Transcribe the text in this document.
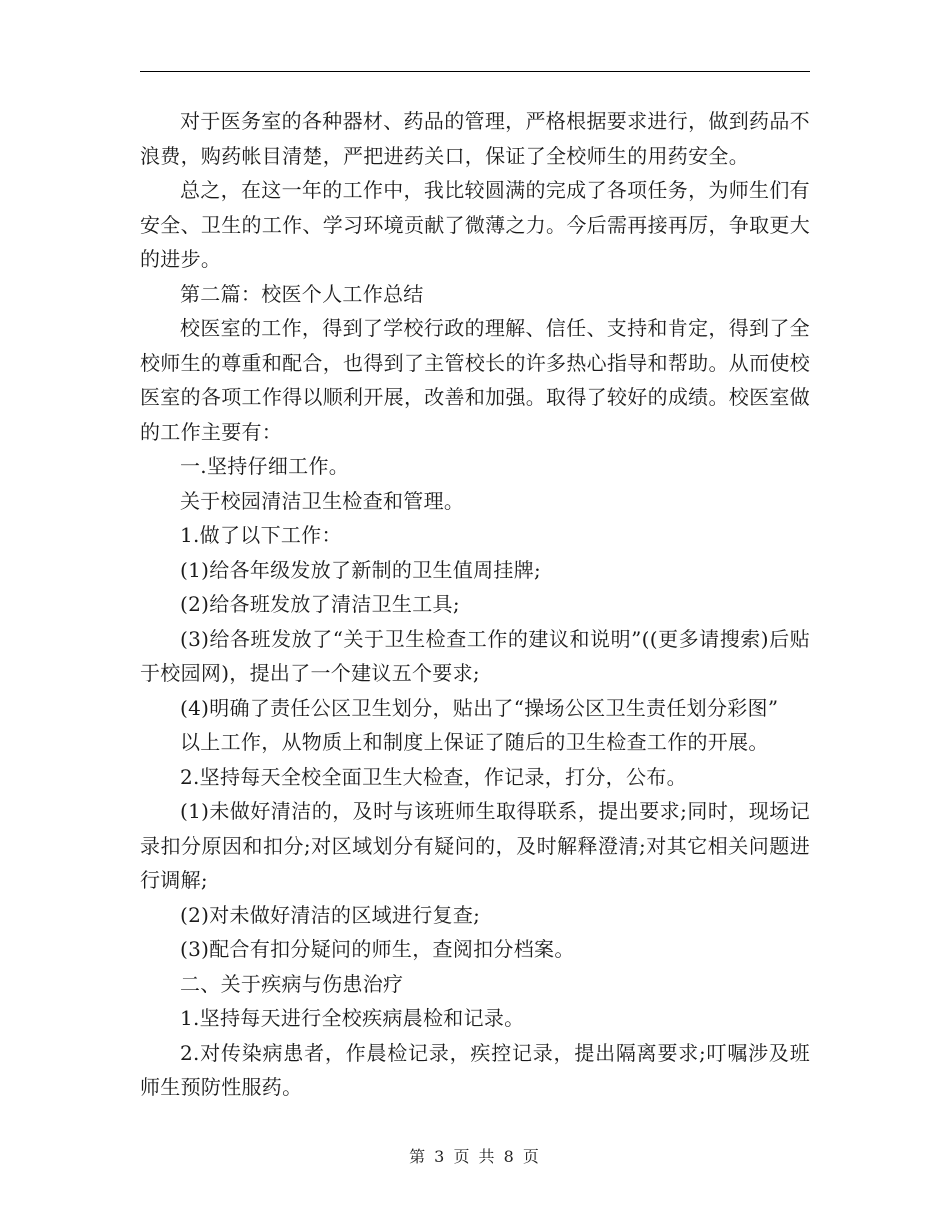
对于医务室的各种器材、药品的管理，严格根据要求进行，做到药品不浪费，购药帐目清楚，严把进药关口，保证了全校师生的用药安全。

总之，在这一年的工作中，我比较圆满的完成了各项任务，为师生们有安全、卫生的工作、学习环境贡献了微薄之力。今后需再接再厉，争取更大的进步。

第二篇：校医个人工作总结

校医室的工作，得到了学校行政的理解、信任、支持和肯定，得到了全校师生的尊重和配合，也得到了主管校长的许多热心指导和帮助。从而使校医室的各项工作得以顺利开展，改善和加强。取得了较好的成绩。校医室做的工作主要有：

一.坚持仔细工作。

关于校园清洁卫生检查和管理。

1.做了以下工作：

(1)给各年级发放了新制的卫生值周挂牌;

(2)给各班发放了清洁卫生工具;

(3)给各班发放了“关于卫生检查工作的建议和说明”((更多请搜索)后贴于校园网)，提出了一个建议五个要求;

(4)明确了责任公区卫生划分，贴出了“操场公区卫生责任划分彩图”

以上工作，从物质上和制度上保证了随后的卫生检查工作的开展。

2.坚持每天全校全面卫生大检查，作记录，打分，公布。

(1)未做好清洁的，及时与该班师生取得联系，提出要求;同时，现场记录扣分原因和扣分;对区域划分有疑问的，及时解释澄清;对其它相关问题进行调解;

(2)对未做好清洁的区域进行复查;

(3)配合有扣分疑问的师生，查阅扣分档案。

二、关于疾病与伤患治疗

1.坚持每天进行全校疾病晨检和记录。

2.对传染病患者，作晨检记录，疾控记录，提出隔离要求;叮嘱涉及班师生预防性服药。

第 3 页 共 8 页
